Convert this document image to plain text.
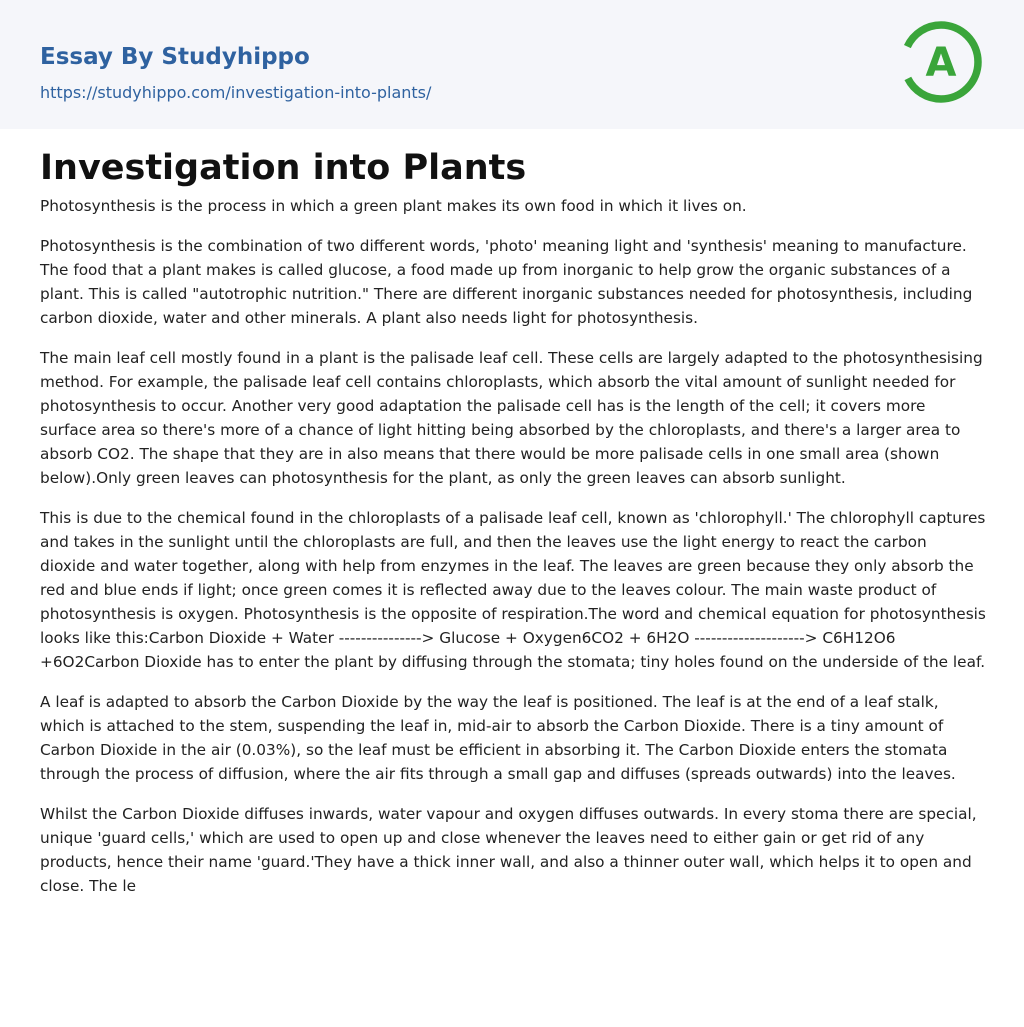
Essay By Studyhippo
https://studyhippo.com/investigation-into-plants/
A
Investigation into Plants

Photosynthesis is the process in which a green plant makes its own food in which it lives on.

Photosynthesis is the combination of two different words, 'photo' meaning light and 'synthesis' meaning to manufacture. The food that a plant makes is called glucose, a food made up from inorganic to help grow the organic substances of a plant. This is called "autotrophic nutrition." There are different inorganic substances needed for photosynthesis, including carbon dioxide, water and other minerals. A plant also needs light for photosynthesis.

The main leaf cell mostly found in a plant is the palisade leaf cell. These cells are largely adapted to the photosynthesising method. For example, the palisade leaf cell contains chloroplasts, which absorb the vital amount of sunlight needed for photosynthesis to occur. Another very good adaptation the palisade cell has is the length of the cell; it covers more surface area so there's more of a chance of light hitting being absorbed by the chloroplasts, and there's a larger area to absorb CO2. The shape that they are in also means that there would be more palisade cells in one small area (shown below).Only green leaves can photosynthesis for the plant, as only the green leaves can absorb sunlight.

This is due to the chemical found in the chloroplasts of a palisade leaf cell, known as 'chlorophyll.' The chlorophyll captures and takes in the sunlight until the chloroplasts are full, and then the leaves use the light energy to react the carbon dioxide and water together, along with help from enzymes in the leaf. The leaves are green because they only absorb the red and blue ends if light; once green comes it is reflected away due to the leaves colour. The main waste product of photosynthesis is oxygen. Photosynthesis is the opposite of respiration.The word and chemical equation for photosynthesis looks like this:Carbon Dioxide + Water ---------------> Glucose + Oxygen6CO2 + 6H2O --------------------> C6H12O6 +6O2Carbon Dioxide has to enter the plant by diffusing through the stomata; tiny holes found on the underside of the leaf.

A leaf is adapted to absorb the Carbon Dioxide by the way the leaf is positioned. The leaf is at the end of a leaf stalk, which is attached to the stem, suspending the leaf in, mid-air to absorb the Carbon Dioxide. There is a tiny amount of Carbon Dioxide in the air (0.03%), so the leaf must be efficient in absorbing it. The Carbon Dioxide enters the stomata through the process of diffusion, where the air fits through a small gap and diffuses (spreads outwards) into the leaves.

Whilst the Carbon Dioxide diffuses inwards, water vapour and oxygen diffuses outwards. In every stoma there are special, unique 'guard cells,' which are used to open up and close whenever the leaves need to either gain or get rid of any products, hence their name 'guard.'They have a thick inner wall, and also a thinner outer wall, which helps it to open and close. The le
